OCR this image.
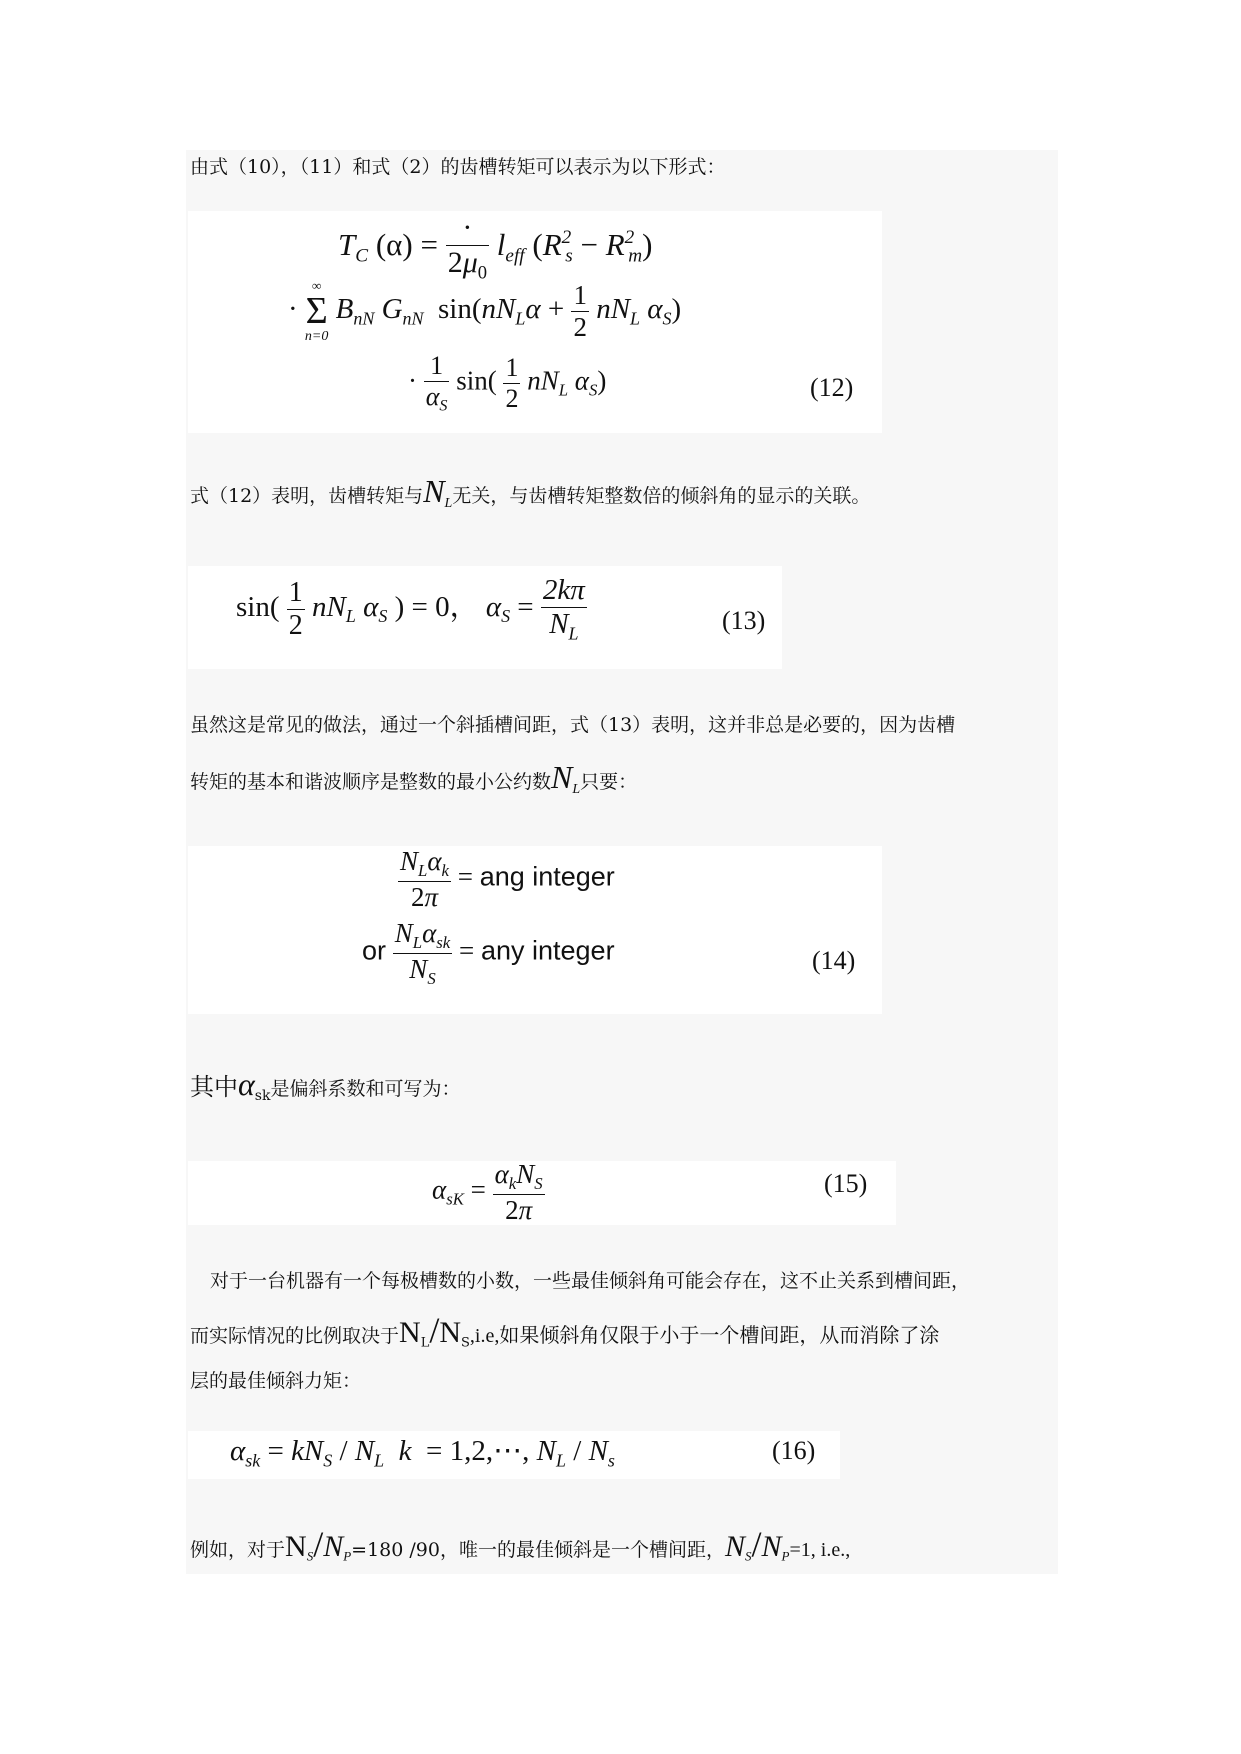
由式（10），（11）和式（2）的齿槽转矩可以表示为以下形式：
$T_C$ $(\alpha) = \frac{\cdot}{2\mu_0} l_{eff}$ $(R^2_s - R^2_m)$
·
∞
Σ
n=0
$B_{nN}$ $G_{nN}$  $\sin(nN_L\alpha + \frac{1}{2} nN_L$ $\alpha_S$)
· $\frac{1}{\alpha_S} \sin( \frac{1}{2} nN_L$ $\alpha_S$)	(12)
式（12）表明，齿槽转矩与$N_L$无关，与齿槽转矩整数倍的倾斜角的显示的关联。
$\sin( \frac{1}{2} nN_L$ $\alpha_S$ ) = 0， $\alpha_S = \frac{2k\pi}{N_L}$	(13)
虽然这是常见的做法，通过一个斜插槽间距，式（13）表明，这并非总是必要的，因为齿槽
转矩的基本和谐波顺序是整数的最小公约数$N_L$只要：
$\frac{N_L\alpha_k}{2\pi}$ = ang integer
or $\frac{N_L\alpha_{sk}}{N_S}$ = any integer	(14)
其中$\alpha_{sk}$是偏斜系数和可写为：
$\alpha_{sK} = \frac{\alpha_kN_S}{2\pi}$	(15)
对于一台机器有一个每极槽数的小数，一些最佳倾斜角可能会存在，这不止关系到槽间距，
而实际情况的比例取决于$N_L/N_S,i.e$,如果倾斜角仅限于小于一个槽间距，从而消除了涂
层的最佳倾斜力矩：
$\alpha_{sk} = kN_S / N_L$ k = 1,2,⋯, $N_L / N_s$	(16)
例如，对于$N_S/N_P=180$ /90，唯一的最佳倾斜是一个槽间距，$N_S/N_P=1$, i.e.,
